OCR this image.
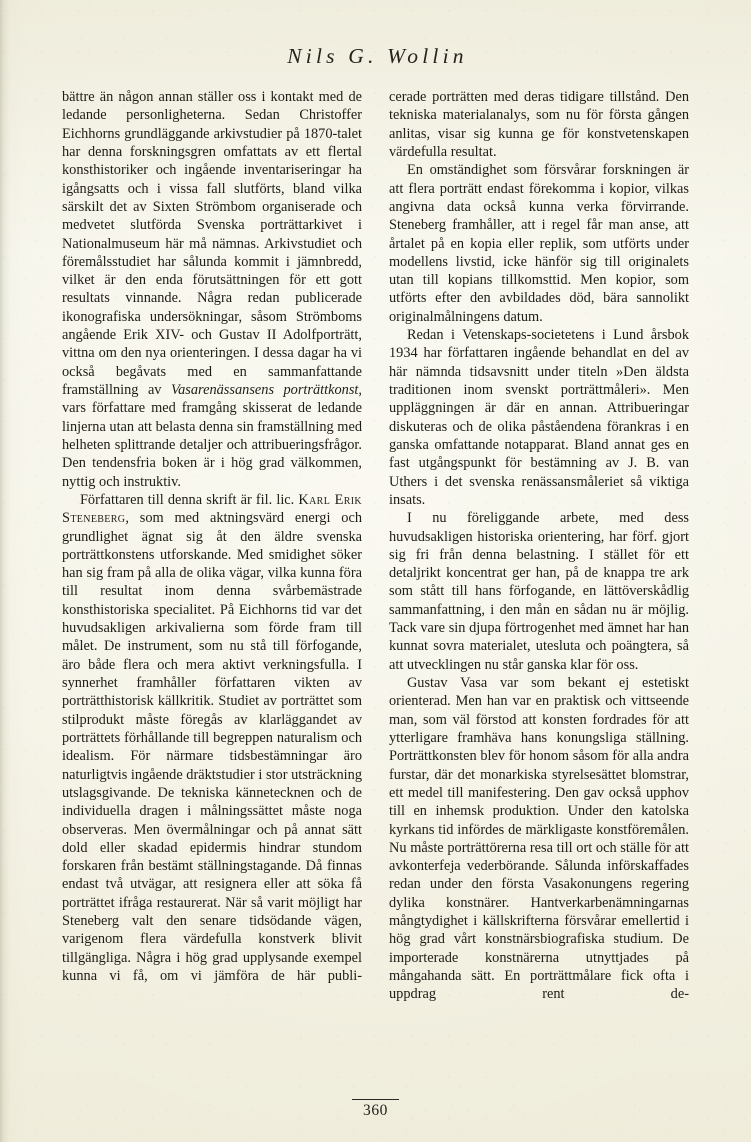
Nils G. Wollin

bättre än någon annan ställer oss i kontakt med de ledande personligheterna. Sedan Christoffer Eichhorns grundläggande arkivstudier på 1870-talet har denna forskningsgren omfattats av ett flertal konsthistoriker och ingående inventariseringar ha igångsatts och i vissa fall slutförts, bland vilka särskilt det av Sixten Strömbom organiserade och medvetet slutförda Svenska porträttarkivet i Nationalmuseum här må nämnas. Arkivstudiet och föremålsstudiet har sålunda kommit i jämnbredd, vilket är den enda förutsättningen för ett gott resultats vinnande. Några redan publicerade ikonografiska undersökningar, såsom Strömboms angående Erik XIV- och Gustav II Adolfporträtt, vittna om den nya orienteringen. I dessa dagar ha vi också begåvats med en sammanfattande framställning av Vasarenässansens porträttkonst, vars författare med framgång skisserat de ledande linjerna utan att belasta denna sin framställning med helheten splittrande detaljer och attribueringsfrågor. Den tendensfria boken är i hög grad välkommen, nyttig och instruktiv.

Författaren till denna skrift är fil. lic. Karl Erik Steneberg, som med aktningsvärd energi och grundlighet ägnat sig åt den äldre svenska porträttkonstens utforskande. Med smidighet söker han sig fram på alla de olika vägar, vilka kunna föra till resultat inom denna svårbemästrade konsthistoriska specialitet. På Eichhorns tid var det huvudsakligen arkivalierna som förde fram till målet. De instrument, som nu stå till förfogande, äro både flera och mera aktivt verkningsfulla. I synnerhet framhåller författaren vikten av porträtthistorisk källkritik. Studiet av porträttet som stilprodukt måste föregås av klarläggandet av porträttets förhållande till begreppen naturalism och idealism. För närmare tidsbestämningar äro naturligtvis ingående dräktstudier i stor utsträckning utslagsgivande. De tekniska kännetecknen och de individuella dragen i målningssättet måste noga observeras. Men övermålningar och på annat sätt dold eller skadad epidermis hindrar stundom forskaren från bestämt ställningstagande. Då finnas endast två utvägar, att resignera eller att söka få porträttet ifråga restaurerat. När så varit möjligt har Steneberg valt den senare tidsödande vägen, varigenom flera värdefulla konstverk blivit tillgängliga. Några i hög grad upplysande exempel kunna vi få, om vi jämföra de här publi-

cerade porträtten med deras tidigare tillstånd. Den tekniska materialanalys, som nu för första gången anlitas, visar sig kunna ge för konstvetenskapen värdefulla resultat.

En omständighet som försvårar forskningen är att flera porträtt endast förekomma i kopior, vilkas angivna data också kunna verka förvirrande. Steneberg framhåller, att i regel får man anse, att årtalet på en kopia eller replik, som utförts under modellens livstid, icke hänför sig till originalets utan till kopians tillkomsttid. Men kopior, som utförts efter den avbildades död, bära sannolikt originalmålningens datum.

Redan i Vetenskaps-societetens i Lund årsbok 1934 har författaren ingående behandlat en del av här nämnda tidsavsnitt under titeln »Den äldsta traditionen inom svenskt porträttmåleri». Men uppläggningen är där en annan. Attribueringar diskuteras och de olika påståendena förankras i en ganska omfattande notapparat. Bland annat ges en fast utgångspunkt för bestämning av J. B. van Uthers i det svenska renässansmåleriet så viktiga insats.

I nu föreliggande arbete, med dess huvudsakligen historiska orientering, har förf. gjort sig fri från denna belastning. I stället för ett detaljrikt koncentrat ger han, på de knappa tre ark som stått till hans förfogande, en lättöverskådlig sammanfattning, i den mån en sådan nu är möjlig. Tack vare sin djupa förtrogenhet med ämnet har han kunnat sovra materialet, utesluta och poängtera, så att utvecklingen nu står ganska klar för oss.

Gustav Vasa var som bekant ej estetiskt orienterad. Men han var en praktisk och vittseende man, som väl förstod att konsten fordrades för att ytterligare framhäva hans konungsliga ställning. Porträttkonsten blev för honom såsom för alla andra furstar, där det monarkiska styrelsesättet blomstrar, ett medel till manifestering. Den gav också upphov till en inhemsk produktion. Under den katolska kyrkans tid infördes de märkligaste konstföremålen. Nu måste porträttörerna resa till ort och ställe för att avkonterfeja vederbörande. Sålunda införskaffades redan under den första Vasakonungens regering dylika konstnärer. Hantverkarbenämningarnas mångtydighet i källskrifterna försvårar emellertid i hög grad vårt konstnärsbiografiska studium. De importerade konstnärerna utnyttjades på mångahanda sätt. En porträttmålare fick ofta i uppdrag rent de-

360
